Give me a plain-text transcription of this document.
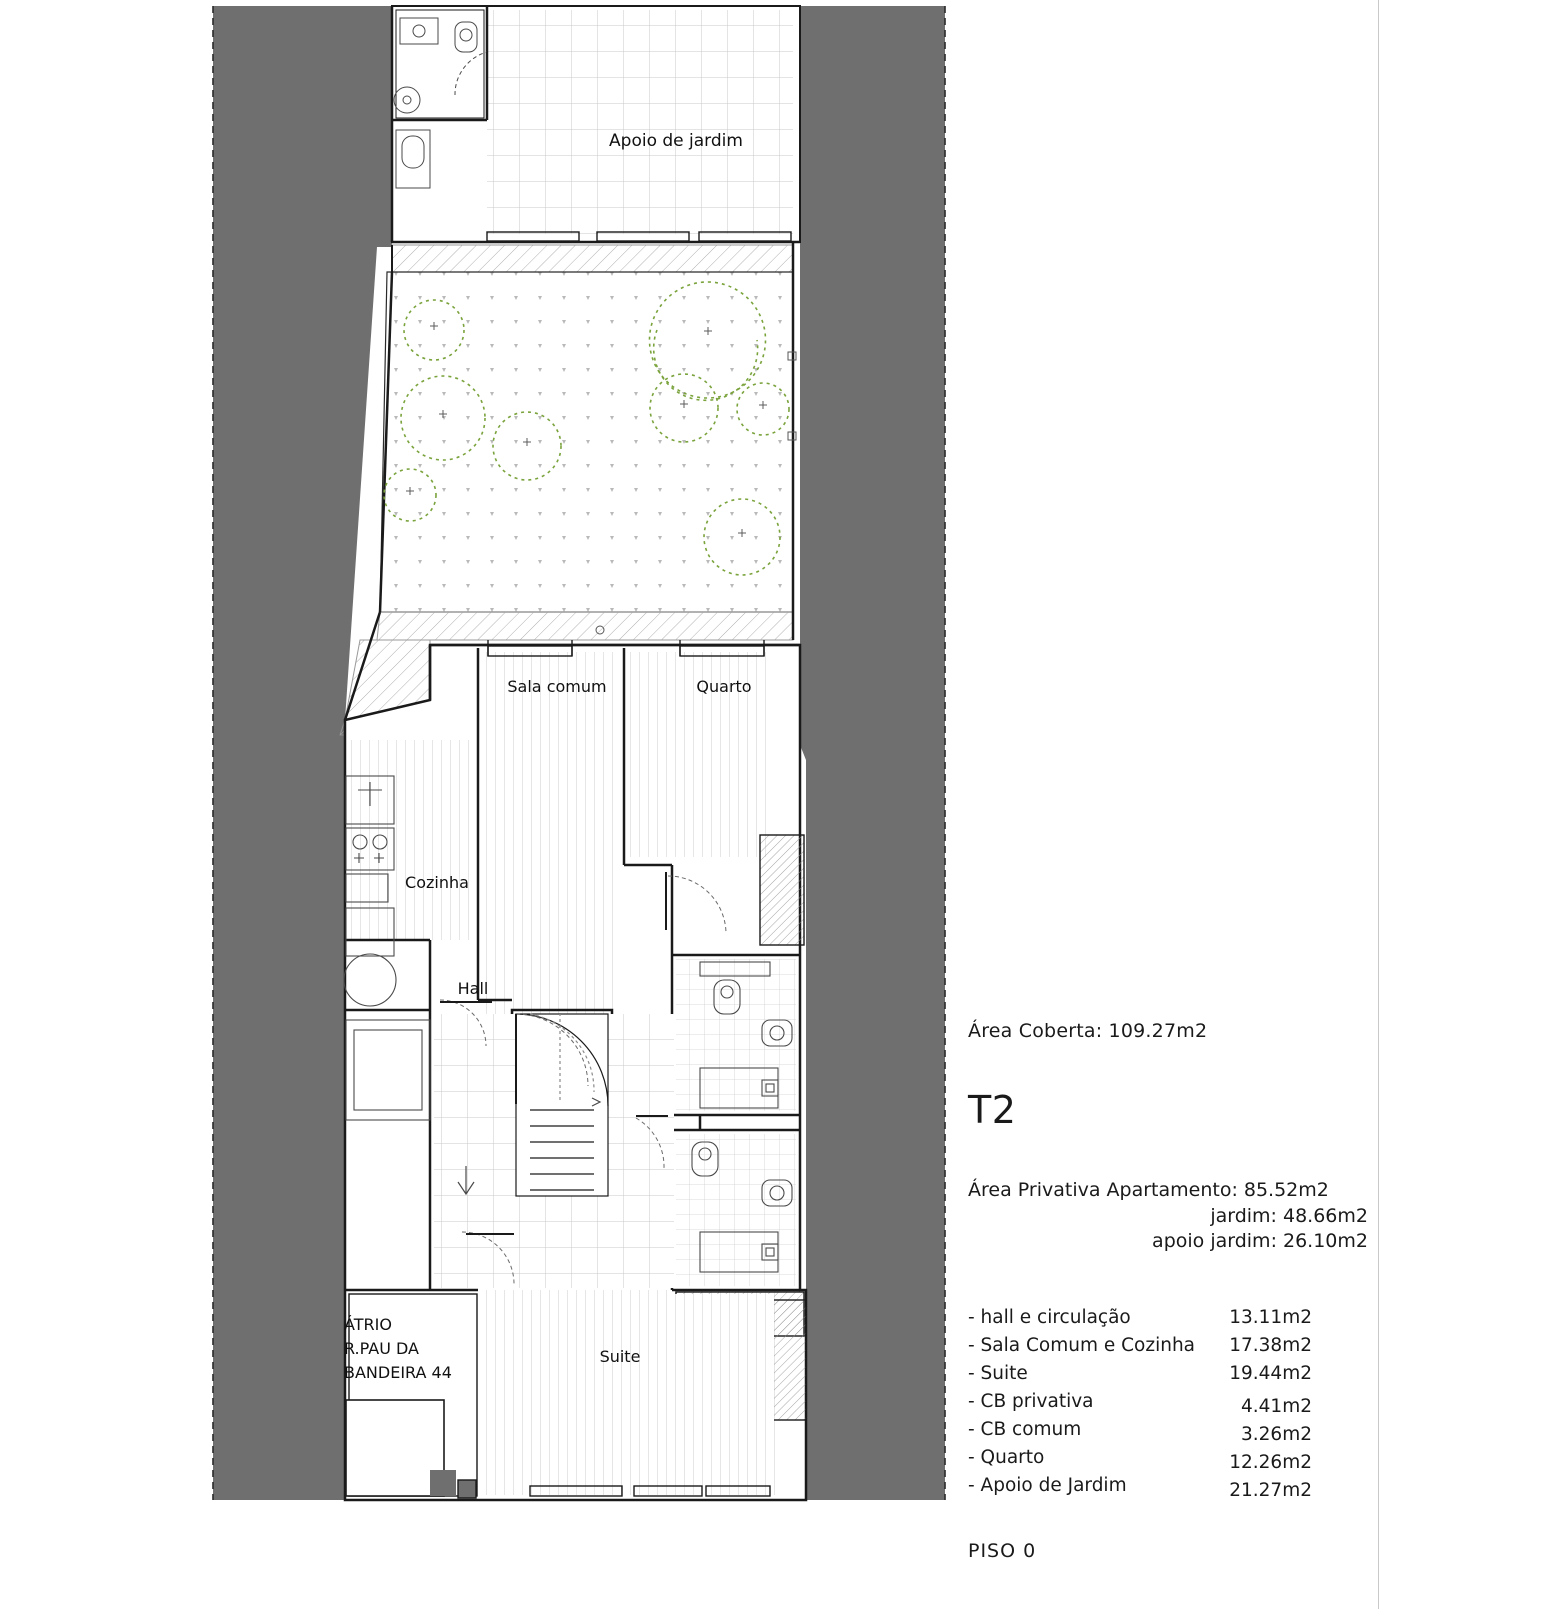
Apoio de jardim
Sala comum	Quarto
Cozinha
Hall
Suite
ÁTRIO
R.PAU DA
BANDEIRA 44
Área Coberta: 109.27m2
T2
Área Privativa Apartamento: 85.52m2
jardim: 48.66m2
apoio jardim: 26.10m2
- hall e circulação	13.11m2
- Sala Comum e Cozinha 17.38m2
- Suite	19.44m2
- CB privativa	4.41m2
- CB comum	3.26m2
- Quarto	12.26m2
- Apoio de Jardim	21.27m2
PISO 0
